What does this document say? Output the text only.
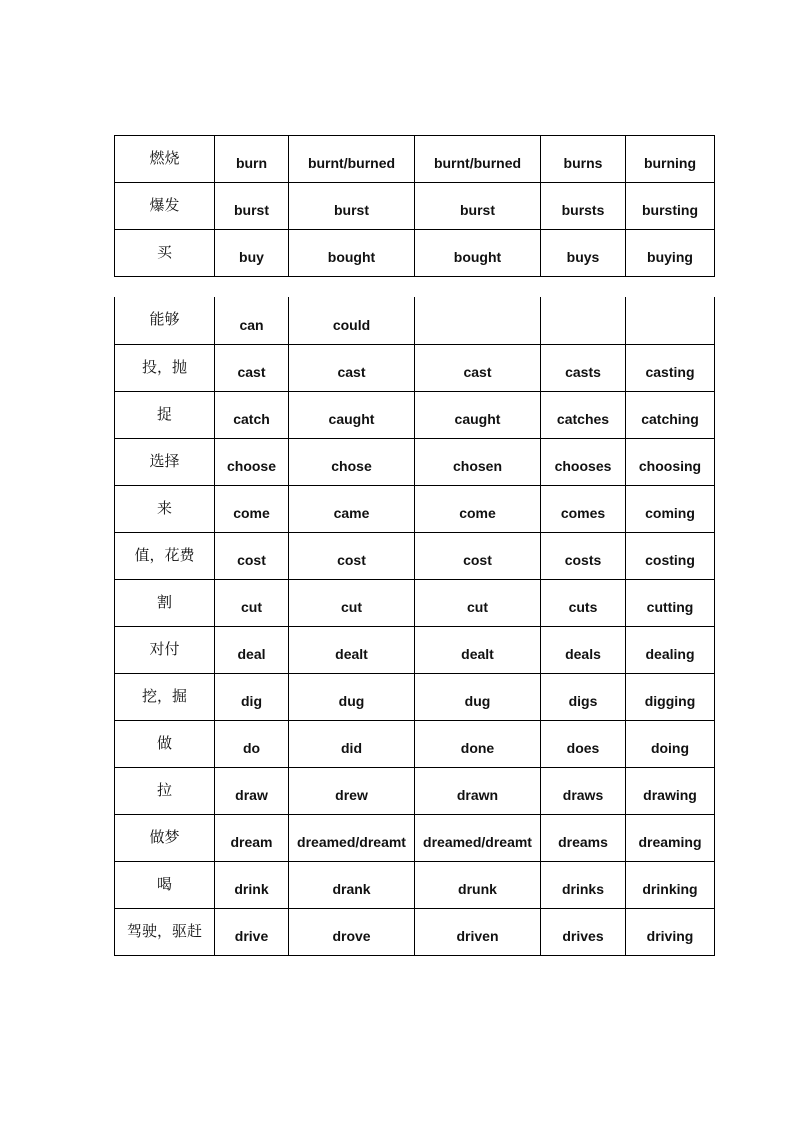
燃烧	burn	burnt/burned	burnt/burned	burns	burning
爆发	burst	burst	burst	bursts	bursting
买	buy	bought	bought	buys	buying
能够	can	could			
投，抛	cast	cast	cast	casts	casting
捉	catch	caught	caught	catches	catching
选择	choose	chose	chosen	chooses	choosing
来	come	came	come	comes	coming
值，花费	cost	cost	cost	costs	costing
割	cut	cut	cut	cuts	cutting
对付	deal	dealt	dealt	deals	dealing
挖，掘	dig	dug	dug	digs	digging
做	do	did	done	does	doing
拉	draw	drew	drawn	draws	drawing
做梦	dream	dreamed/dreamt	dreamed/dreamt	dreams	dreaming
喝	drink	drank	drunk	drinks	drinking
驾驶，驱赶	drive	drove	driven	drives	driving
